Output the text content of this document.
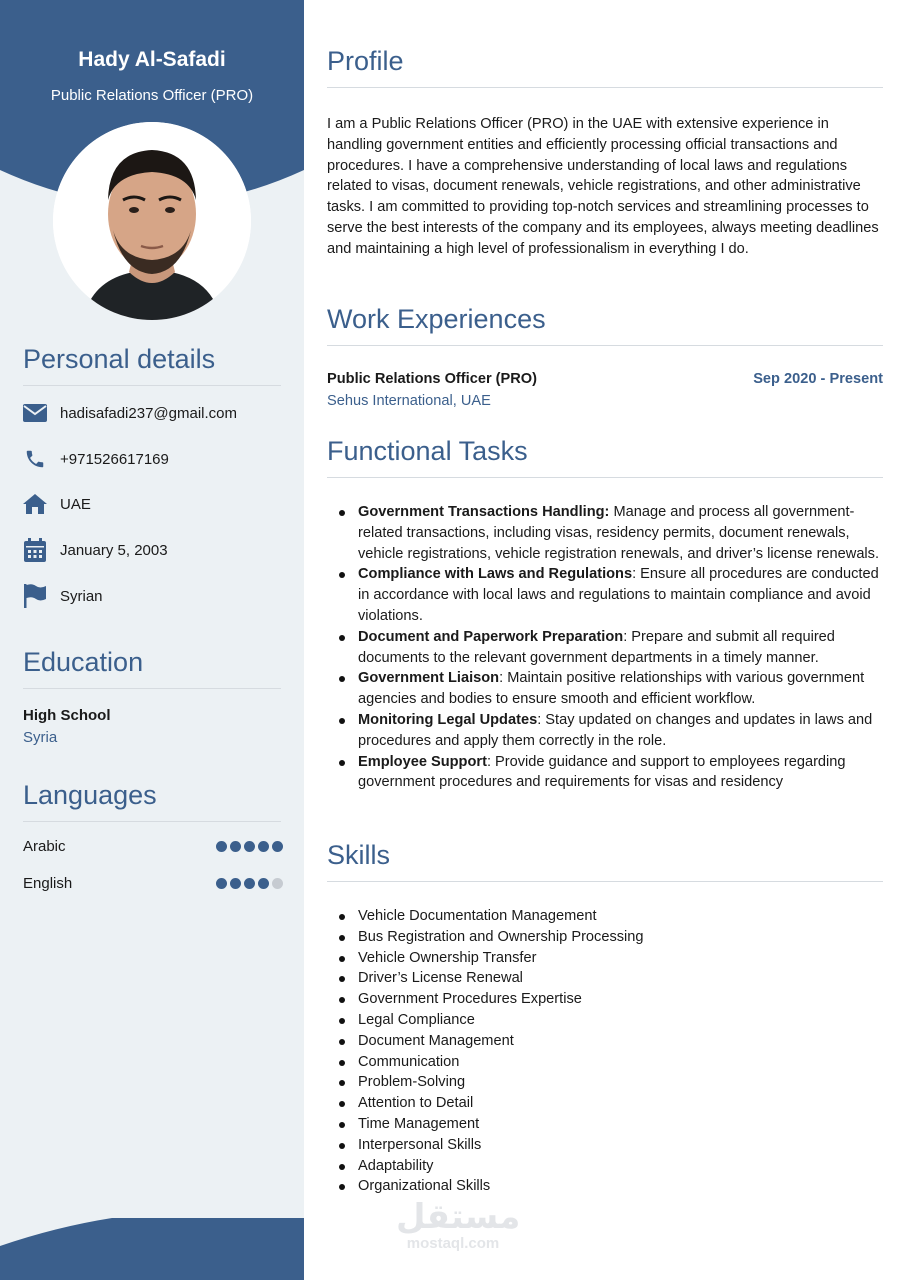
Hady Al-Safadi
Public Relations Officer (PRO)
Personal details
hadisafadi237@gmail.com
+971526617169
UAE
January 5, 2003
Syrian
Education
High School
Syria
Languages
Arabic
English
Profile
I am a Public Relations Officer (PRO) in the UAE with extensive experience in handling government entities and efficiently processing official transactions and procedures. I have a comprehensive understanding of local laws and regulations related to visas, document renewals, vehicle registrations, and other administrative tasks. I am committed to providing top-notch services and streamlining processes to serve the best interests of the company and its employees, always meeting deadlines and maintaining a high level of professionalism in everything I do.
Work Experiences
Public Relations Officer (PRO)	Sep 2020 - Present
Sehus International, UAE
Functional Tasks
Government Transactions Handling: Manage and process all government-related transactions, including visas, residency permits, document renewals, vehicle registrations, vehicle registration renewals, and driver’s license renewals.
Compliance with Laws and Regulations: Ensure all procedures are conducted in accordance with local laws and regulations to maintain compliance and avoid violations.
Document and Paperwork Preparation: Prepare and submit all required documents to the relevant government departments in a timely manner.
Government Liaison: Maintain positive relationships with various government agencies and bodies to ensure smooth and efficient workflow.
Monitoring Legal Updates: Stay updated on changes and updates in laws and procedures and apply them correctly in the role.
Employee Support: Provide guidance and support to employees regarding government procedures and requirements for visas and residency
Skills
Vehicle Documentation Management
Bus Registration and Ownership Processing
Vehicle Ownership Transfer
Driver’s License Renewal
Government Procedures Expertise
Legal Compliance
Document Management
Communication
Problem-Solving
Attention to Detail
Time Management
Interpersonal Skills
Adaptability
Organizational Skills
مستقل
mostaql.com
